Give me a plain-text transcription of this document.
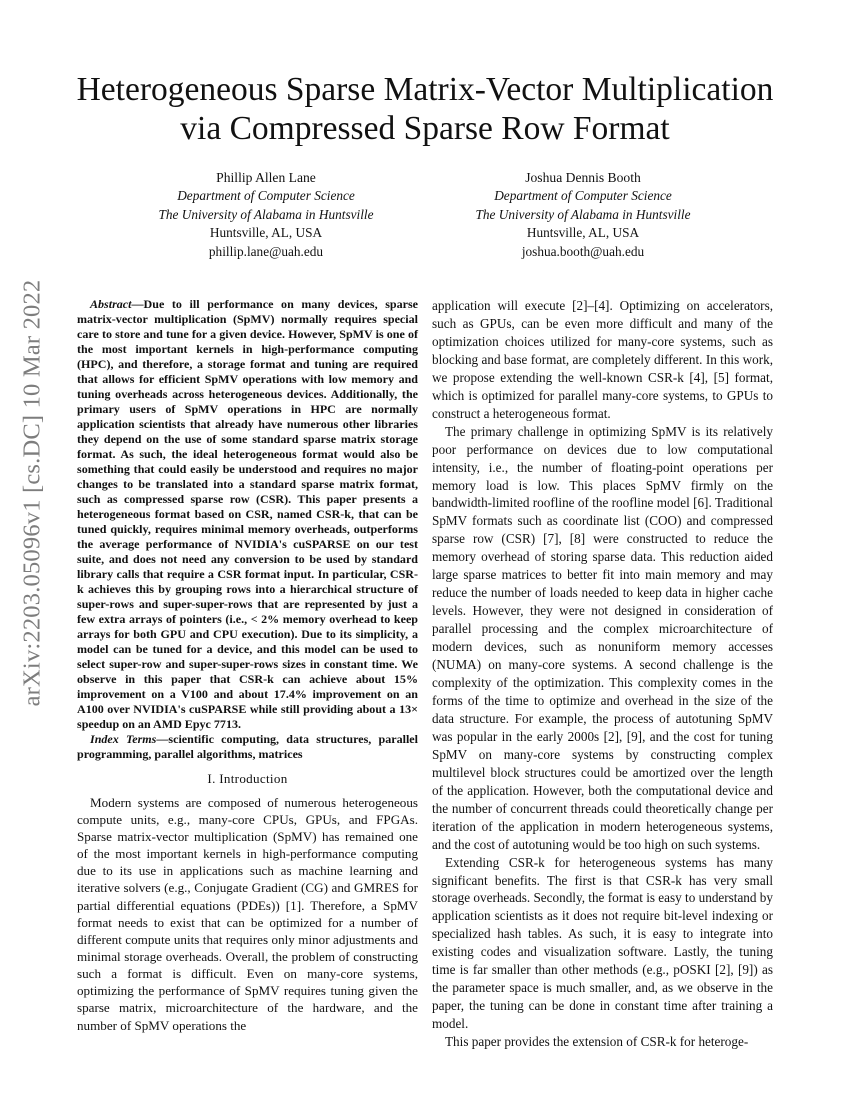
arXiv:2203.05096v1 [cs.DC] 10 Mar 2022
Heterogeneous Sparse Matrix-Vector Multiplication
via Compressed Sparse Row Format
Phillip Allen Lane
Department of Computer Science
The University of Alabama in Huntsville
Huntsville, AL, USA
phillip.lane@uah.edu
Joshua Dennis Booth
Department of Computer Science
The University of Alabama in Huntsville
Huntsville, AL, USA
joshua.booth@uah.edu

Abstract—Due to ill performance on many devices, sparse matrix-vector multiplication (SpMV) normally requires special care to store and tune for a given device. However, SpMV is one of the most important kernels in high-performance computing (HPC), and therefore, a storage format and tuning are required that allows for efficient SpMV operations with low memory and tuning overheads across heterogeneous devices. Additionally, the primary users of SpMV operations in HPC are normally application scientists that already have numerous other libraries they depend on the use of some standard sparse matrix storage format. As such, the ideal heterogeneous format would also be something that could easily be understood and requires no major changes to be translated into a standard sparse matrix format, such as compressed sparse row (CSR). This paper presents a heterogeneous format based on CSR, named CSR-k, that can be tuned quickly, requires minimal memory overheads, outperforms the average performance of NVIDIA's cuSPARSE on our test suite, and does not need any conversion to be used by standard library calls that require a CSR format input. In particular, CSR-k achieves this by grouping rows into a hierarchical structure of super-rows and super-super-rows that are represented by just a few extra arrays of pointers (i.e., < 2% memory overhead to keep arrays for both GPU and CPU execution). Due to its simplicity, a model can be tuned for a device, and this model can be used to select super-row and super-super-rows sizes in constant time. We observe in this paper that CSR-k can achieve about 15% improvement on a V100 and about 17.4% improvement on an A100 over NVIDIA's cuSPARSE while still providing about a 13× speedup on an AMD Epyc 7713.

Index Terms—scientific computing, data structures, parallel programming, parallel algorithms, matrices

I. Introduction

Modern systems are composed of numerous heterogeneous compute units, e.g., many-core CPUs, GPUs, and FPGAs. Sparse matrix-vector multiplication (SpMV) has remained one of the most important kernels in high-performance computing due to its use in applications such as machine learning and iterative solvers (e.g., Conjugate Gradient (CG) and GMRES for partial differential equations (PDEs)) [1]. Therefore, a SpMV format needs to exist that can be optimized for a number of different compute units that requires only minor adjustments and minimal storage overheads. Overall, the problem of constructing such a format is difficult. Even on many-core systems, optimizing the performance of SpMV requires tuning given the sparse matrix, microarchitecture of the hardware, and the number of SpMV operations the

application will execute [2]–[4]. Optimizing on accelerators, such as GPUs, can be even more difficult and many of the optimization choices utilized for many-core systems, such as blocking and base format, are completely different. In this work, we propose extending the well-known CSR-k [4], [5] format, which is optimized for parallel many-core systems, to GPUs to construct a heterogeneous format.

The primary challenge in optimizing SpMV is its relatively poor performance on devices due to low computational intensity, i.e., the number of floating-point operations per memory load is low. This places SpMV firmly on the bandwidth-limited roofline of the roofline model [6]. Traditional SpMV formats such as coordinate list (COO) and compressed sparse row (CSR) [7], [8] were constructed to reduce the memory overhead of storing sparse data. This reduction aided large sparse matrices to better fit into main memory and may reduce the number of loads needed to keep data in higher cache levels. However, they were not designed in consideration of parallel processing and the complex microarchitecture of modern devices, such as nonuniform memory accesses (NUMA) on many-core systems. A second challenge is the complexity of the optimization. This complexity comes in the forms of the time to optimize and overhead in the size of the data structure. For example, the process of autotuning SpMV was popular in the early 2000s [2], [9], and the cost for tuning SpMV on many-core systems by constructing complex multilevel block structures could be amortized over the length of the application. However, both the computational device and the number of concurrent threads could theoretically change per iteration of the application in modern heterogeneous systems, and the cost of autotuning would be too high on such systems.

Extending CSR-k for heterogeneous systems has many significant benefits. The first is that CSR-k has very small storage overheads. Secondly, the format is easy to understand by application scientists as it does not require bit-level indexing or specialized hash tables. As such, it is easy to integrate into existing codes and visualization software. Lastly, the tuning time is far smaller than other methods (e.g., pOSKI [2], [9]) as the parameter space is much smaller, and, as we observe in the paper, the tuning can be done in constant time after training a model.

This paper provides the extension of CSR-k for heteroge-
